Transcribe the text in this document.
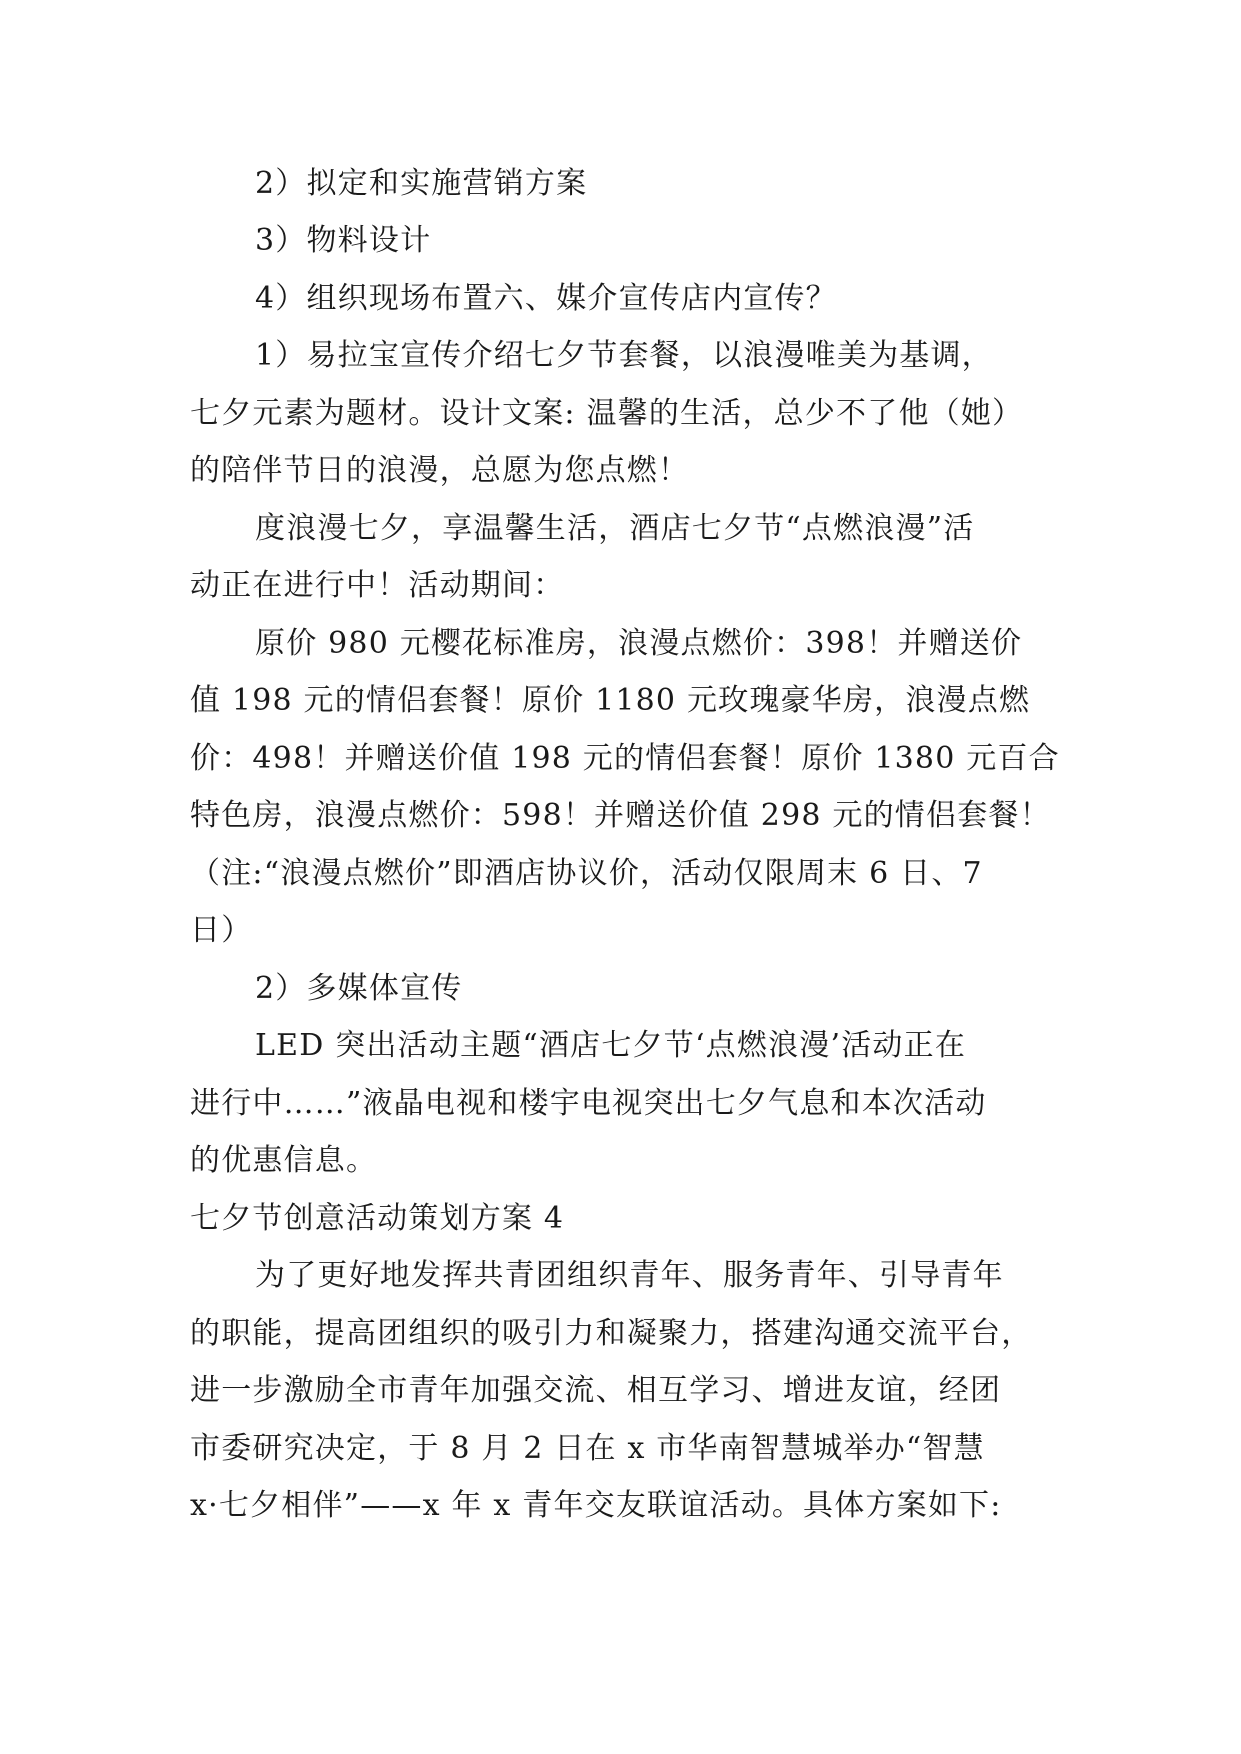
2）拟定和实施营销方案
3）物料设计
4）组织现场布置六、媒介宣传店内宣传？
1）易拉宝宣传介绍七夕节套餐，以浪漫唯美为基调，
七夕元素为题材。设计文案: 温馨的生活，总少不了他（她）
的陪伴节日的浪漫，总愿为您点燃！
度浪漫七夕，享温馨生活，酒店七夕节“点燃浪漫”活
动正在进行中！活动期间：
原价 980 元樱花标准房，浪漫点燃价：398！并赠送价
值 198 元的情侣套餐！原价 1180 元玫瑰豪华房，浪漫点燃
价：498！并赠送价值 198 元的情侣套餐！原价 1380 元百合
特色房，浪漫点燃价：598！并赠送价值 298 元的情侣套餐！
（注:“浪漫点燃价”即酒店协议价，活动仅限周末 6 日、7
日）
2）多媒体宣传
LED 突出活动主题“酒店七夕节‘点燃浪漫’活动正在
进行中……”液晶电视和楼宇电视突出七夕气息和本次活动
的优惠信息。
七夕节创意活动策划方案 4
为了更好地发挥共青团组织青年、服务青年、引导青年
的职能，提高团组织的吸引力和凝聚力，搭建沟通交流平台，
进一步激励全市青年加强交流、相互学习、增进友谊，经团
市委研究决定，于 8 月 2 日在 x 市华南智慧城举办“智慧
x·七夕相伴”——x 年 x 青年交友联谊活动。具体方案如下:
